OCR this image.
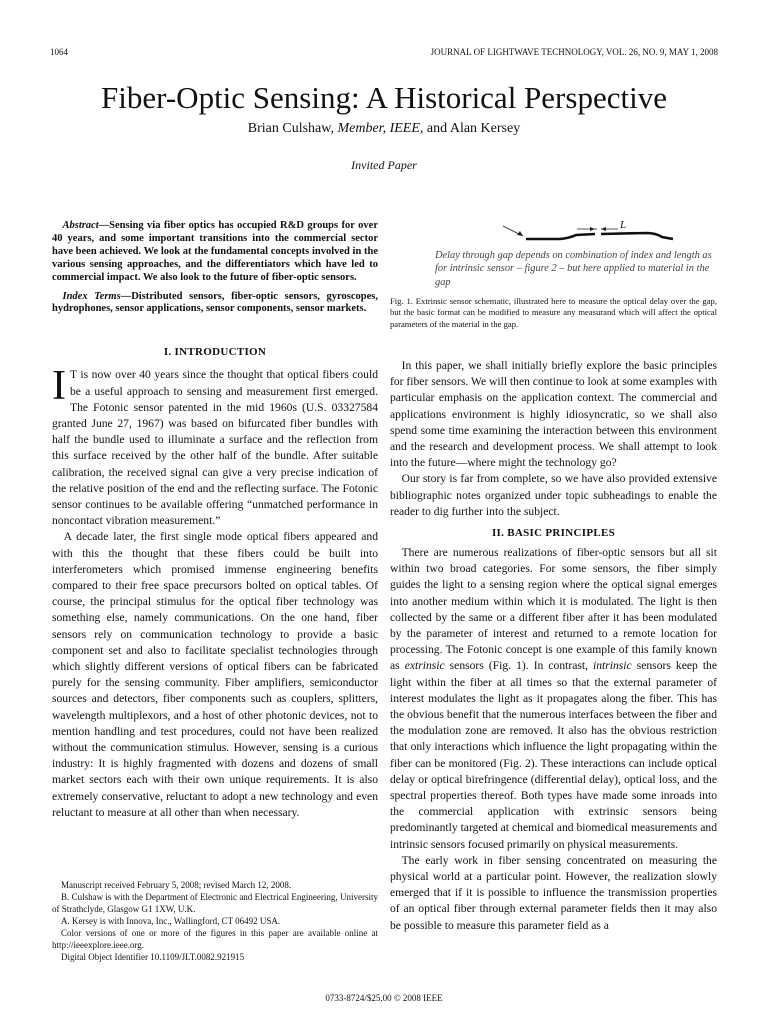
1064	JOURNAL OF LIGHTWAVE TECHNOLOGY, VOL. 26, NO. 9, MAY 1, 2008
Fiber-Optic Sensing: A Historical Perspective
Brian Culshaw, Member, IEEE, and Alan Kersey
Invited Paper

Abstract—Sensing via fiber optics has occupied R&D groups for over 40 years, and some important transitions into the commercial sector have been achieved. We look at the fundamental concepts involved in the various sensing approaches, and the differentiators which have led to commercial impact. We also look to the future of fiber-optic sensors.

Index Terms—Distributed sensors, fiber-optic sensors, gyroscopes, hydrophones, sensor applications, sensor components, sensor markets.

I. INTRODUCTION

I T is now over 40 years since the thought that optical fibers could be a useful approach to sensing and measurement first emerged. The Fotonic sensor patented in the mid 1960s (U.S. 03327584 granted June 27, 1967) was based on bifurcated fiber bundles with half the bundle used to illuminate a surface and the reflection from this surface received by the other half of the bundle. After suitable calibration, the received signal can give a very precise indication of the relative position of the end and the reflecting surface. The Fotonic sensor continues to be available offering “unmatched performance in noncontact vibration measurement.”

A decade later, the first single mode optical fibers appeared and with this the thought that these fibers could be built into interferometers which promised immense engineering benefits compared to their free space precursors bolted on optical tables. Of course, the principal stimulus for the optical fiber technology was something else, namely communications. On the one hand, fiber sensors rely on communication technology to provide a basic component set and also to facilitate specialist technologies through which slightly different versions of optical fibers can be fabricated purely for the sensing community. Fiber amplifiers, semiconductor sources and detectors, fiber components such as couplers, splitters, wavelength multiplexors, and a host of other photonic devices, not to mention handling and test procedures, could not have been realized without the communication stimulus. However, sensing is a curious industry: It is highly fragmented with dozens and dozens of small market sectors each with their own unique requirements. It is also extremely conservative, reluctant to adopt a new technology and even reluctant to measure at all other than when necessary.

Manuscript received February 5, 2008; revised March 12, 2008.

B. Culshaw is with the Department of Electronic and Electrical Engineering, University of Strathclyde, Glasgow G1 1XW, U.K.

A. Kersey is with Innova, Inc., Wallingford, CT 06492 USA.

Color versions of one or more of the figures in this paper are available online at http://ieeexplore.ieee.org.

Digital Object Identifier 10.1109/JLT.0082.921915

L
Delay through gap depends on combination of index and length as for intrinsic sensor – figure 2 – but here applied to material in the gap

Fig. 1. Extrinsic sensor schematic, illustrated here to measure the optical delay over the gap, but the basic format can be modified to measure any measurand which will affect the optical parameters of the material in the gap.

In this paper, we shall initially briefly explore the basic principles for fiber sensors. We will then continue to look at some examples with particular emphasis on the application context. The commercial and applications environment is highly idiosyncratic, so we shall also spend some time examining the interaction between this environment and the research and development process. We shall attempt to look into the future—where might the technology go?

Our story is far from complete, so we have also provided extensive bibliographic notes organized under topic subheadings to enable the reader to dig further into the subject.

II. BASIC PRINCIPLES

There are numerous realizations of fiber-optic sensors but all sit within two broad categories. For some sensors, the fiber simply guides the light to a sensing region where the optical signal emerges into another medium within which it is modulated. The light is then collected by the same or a different fiber after it has been modulated by the parameter of interest and returned to a remote location for processing. The Fotonic concept is one example of this family known as extrinsic sensors (Fig. 1). In contrast, intrinsic sensors keep the light within the fiber at all times so that the external parameter of interest modulates the light as it propagates along the fiber. This has the obvious benefit that the numerous interfaces between the fiber and the modulation zone are removed. It also has the obvious restriction that only interactions which influence the light propagating within the fiber can be monitored (Fig. 2). These interactions can include optical delay or optical birefringence (differential delay), optical loss, and the spectral properties thereof. Both types have made some inroads into the commercial application with extrinsic sensors being predominantly targeted at chemical and biomedical measurements and intrinsic sensors focused primarily on physical measurements.

The early work in fiber sensing concentrated on measuring the physical world at a particular point. However, the realization slowly emerged that if it is possible to influence the transmission properties of an optical fiber through external parameter fields then it may also be possible to measure this parameter field as a

0733-8724/$25.00 © 2008 IEEE
